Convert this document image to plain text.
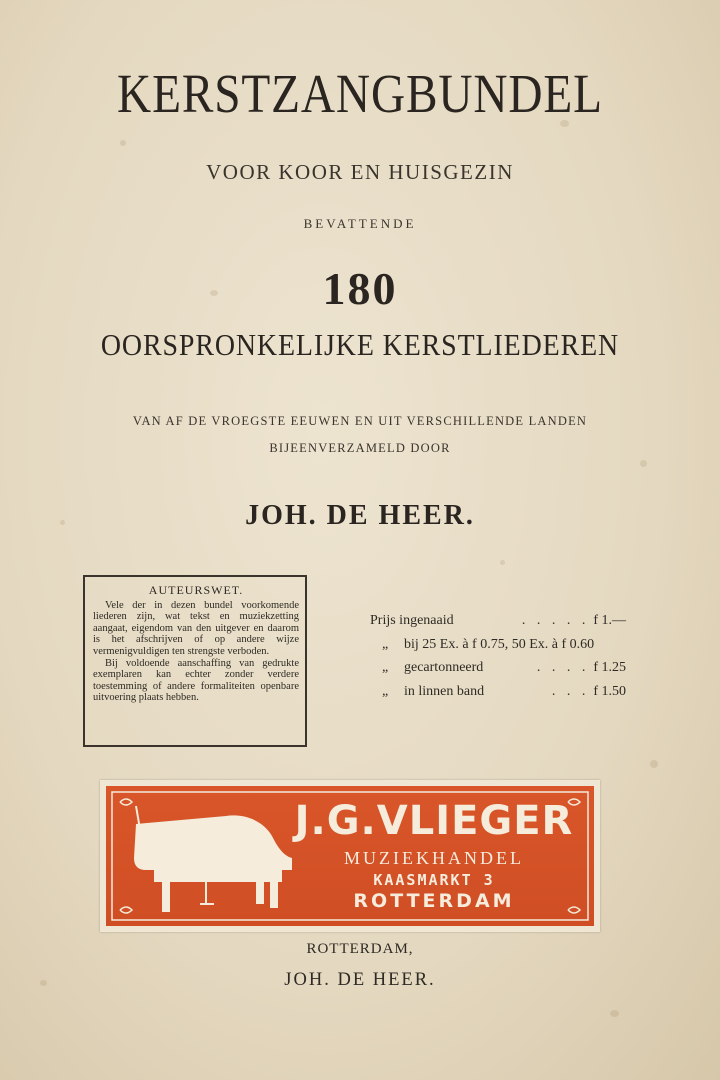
KERSTZANGBUNDEL
VOOR KOOR EN HUISGEZIN
BEVATTENDE
180
OORSPRONKELIJKE KERSTLIEDEREN
VAN AF DE VROEGSTE EEUWEN EN UIT VERSCHILLENDE LANDEN
BIJEENVERZAMELD DOOR
JOH. DE HEER.
AUTEURSWET.

Vele der in dezen bundel voorkomende liederen zijn, wat tekst en muziekzetting aangaat, eigendom van den uitgever en daarom is het afschrijven of op andere wijze vermenigvuldigen ten strengste verboden.

Bij voldoende aanschaffing van gedrukte exemplaren kan echter zonder verdere toestemming of andere formaliteiten openbare uitvoering plaats hebben.

Prijs ingenaaid	. . . . . f 1.—
„	bij 25 Ex. à f 0.75, 50 Ex. à f 0.60
„	gecartonneerd	. . . . f 1.25
„	in linnen band	. . . f 1.50
J.G.VLIEGER
MUZIEKHANDEL
KAASMARKT 3
ROTTERDAM
ROTTERDAM,
JOH. DE HEER.
